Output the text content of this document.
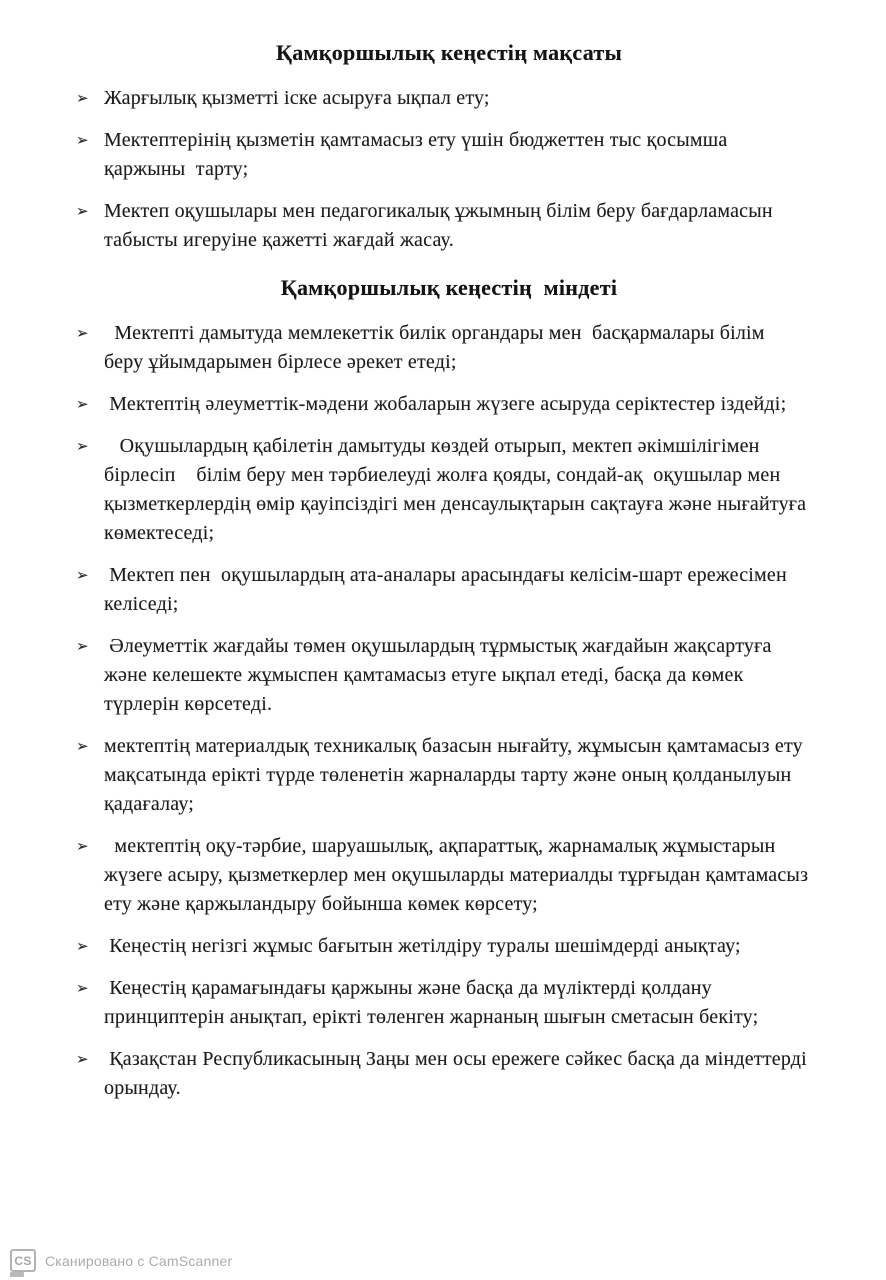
Қамқоршылық кеңестің мақсаты
➢ Жарғылық қызметті іске асыруға ықпал ету;
➢ Мектептерінің қызметін қамтамасыз ету үшін бюджеттен тыс қосымша қаржыны  тарту;
➢ Мектеп оқушылары мен педагогикалық ұжымның білім беру бағдарламасын табысты игеруіне қажетті жағдай жасау.
Қамқоршылық кеңестің  міндеті
➢ Мектепті дамытуда мемлекеттік билік органдары мен  басқармалары білім беру ұйымдарымен бірлесе әрекет етеді;
➢ Мектептің әлеуметтік-мәдени жобаларын жүзеге асыруда серіктестер іздейді;
➢ Оқушылардың қабілетін дамытуды көздей отырып, мектеп әкімшілігімен бірлесіп    білім беру мен тәрбиелеуді жолға қояды, сондай-ақ  оқушылар мен қызметкерлердің өмір қауіпсіздігі мен денсаулықтарын сақтауға және нығайтуға көмектеседі;
➢ Мектеп пен  оқушылардың ата-аналары арасындағы келісім-шарт ережесімен келіседі;
➢ Әлеуметтік жағдайы төмен оқушылардың тұрмыстық жағдайын жақсартуға және келешекте жұмыспен қамтамасыз етуге ықпал етеді, басқа да көмек түрлерін көрсетеді.
➢ мектептің материалдық техникалық базасын нығайту, жұмысын қамтамасыз ету мақсатында ерікті түрде төленетін жарналарды тарту және оның қолданылуын қадағалау;
➢ мектептің оқу-тәрбие, шаруашылық, ақпараттық, жарнамалық жұмыстарын жүзеге асыру, қызметкерлер мен оқушыларды материалды тұрғыдан қамтамасыз ету және қаржыландыру бойынша көмек көрсету;
➢ Кеңестің негізгі жұмыс бағытын жетілдіру туралы шешімдерді анықтау;
➢ Кеңестің қарамағындағы қаржыны және басқа да мүліктерді қолдану принциптерін анықтап, ерікті төленген жарнаның шығын сметасын бекіту;
➢ Қазақстан Республикасының Заңы мен осы ережеге сәйкес басқа да міндеттерді орындау.
CS Сканировано с CamScanner
